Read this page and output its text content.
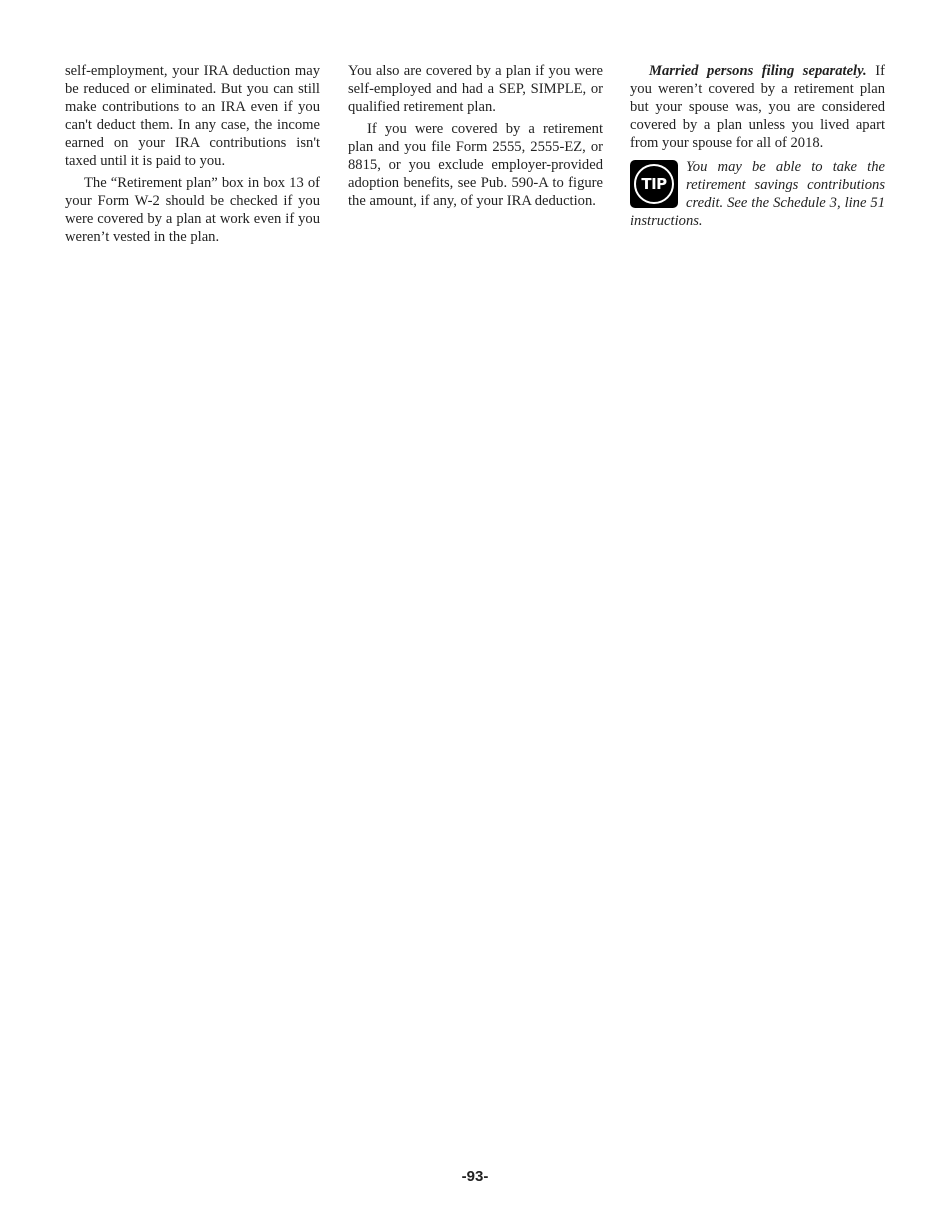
self-employment, your IRA deduction may be reduced or eliminated. But you can still make contributions to an IRA even if you can't deduct them. In any case, the income earned on your IRA contributions isn't taxed until it is paid to you.

The “Retirement plan” box in box 13 of your Form W-2 should be checked if you were covered by a plan at work even if you weren’t vested in the plan.

You also are covered by a plan if you were self-employed and had a SEP, SIMPLE, or qualified retirement plan.

If you were covered by a retirement plan and you file Form 2555, 2555-EZ, or 8815, or you exclude employer-provided adoption benefits, see Pub. 590-A to figure the amount, if any, of your IRA deduction.

Married persons filing separately. If you weren’t covered by a retirement plan but your spouse was, you are considered covered by a plan unless you lived apart from your spouse for all of 2018.

TIP
You may be able to take the retirement savings contributions credit. See the Schedule 3, line 51 instructions.
-93-
